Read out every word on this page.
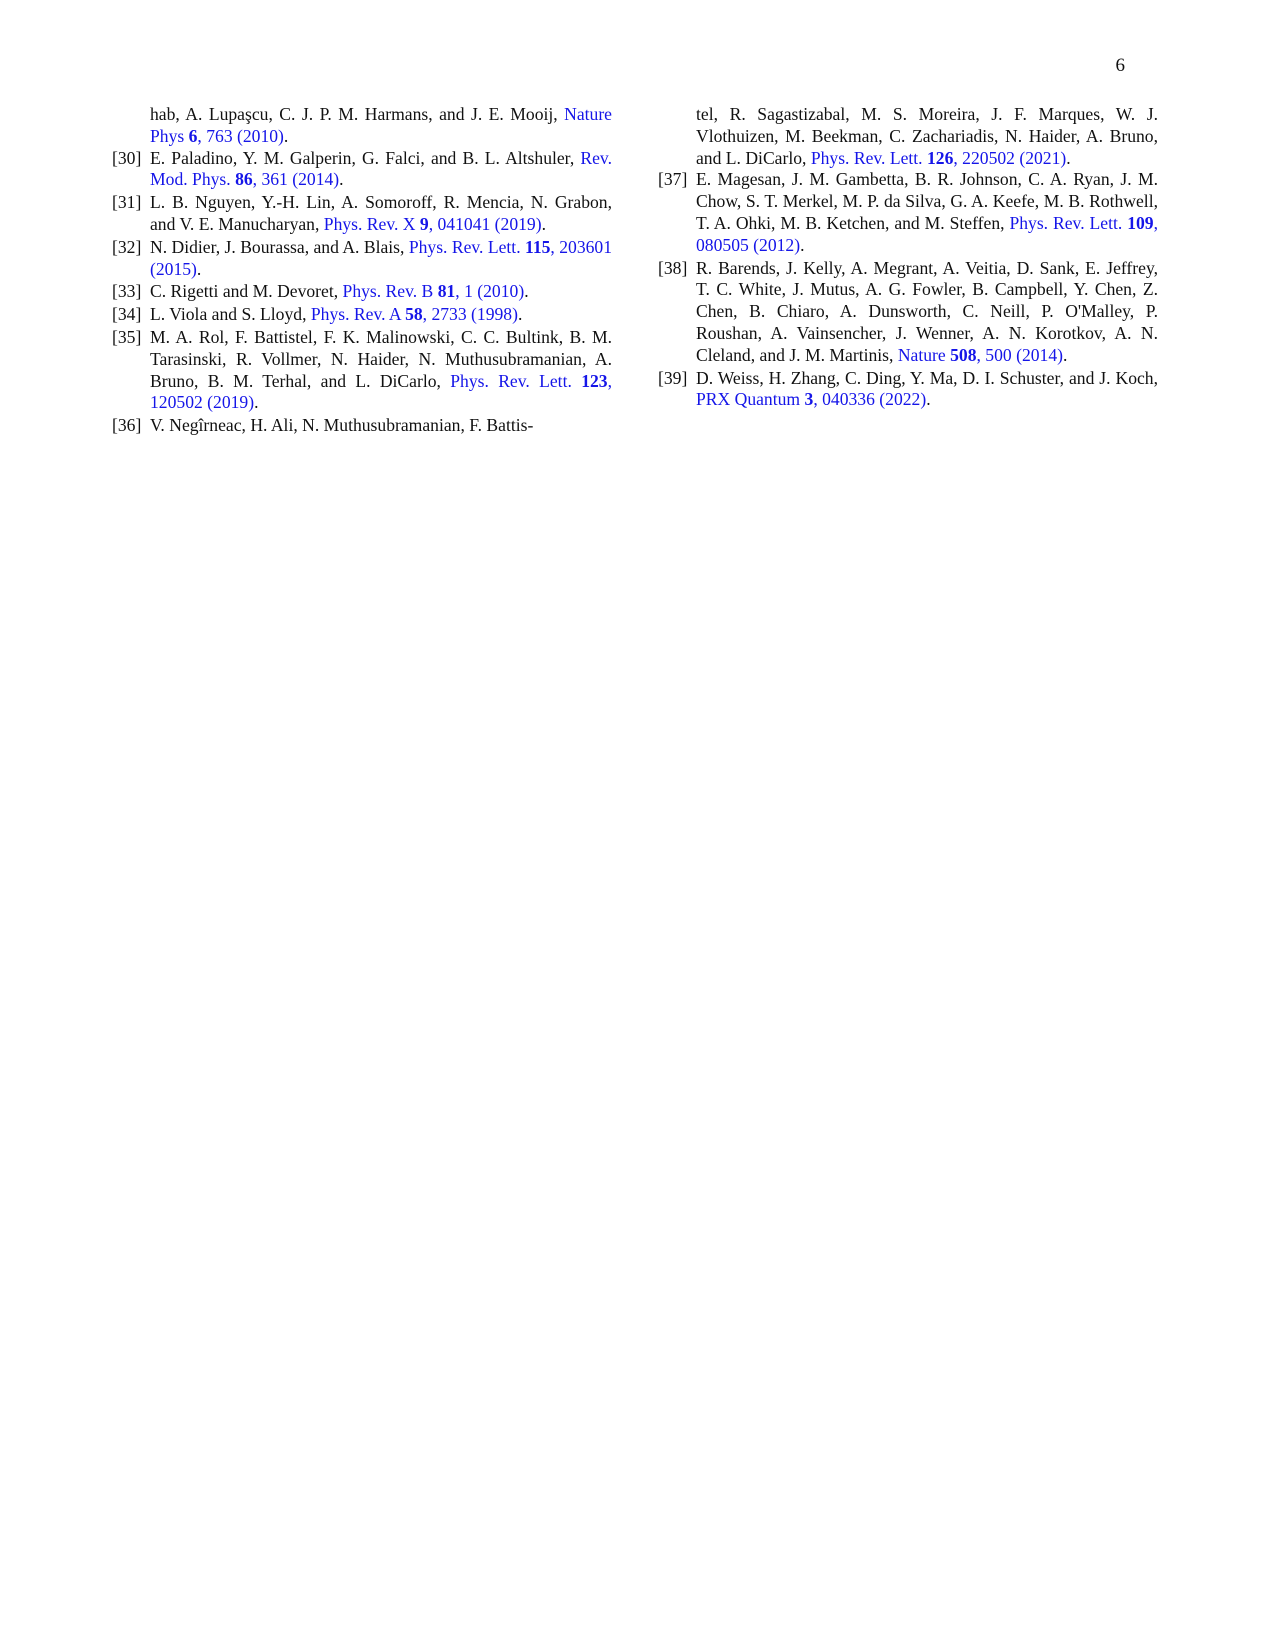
6
hab, A. Lupaşcu, C. J. P. M. Harmans, and J. E. Mooij, Nature Phys 6, 763 (2010).
[30] E. Paladino, Y. M. Galperin, G. Falci, and B. L. Altshuler, Rev. Mod. Phys. 86, 361 (2014).
[31] L. B. Nguyen, Y.-H. Lin, A. Somoroff, R. Mencia, N. Grabon, and V. E. Manucharyan, Phys. Rev. X 9, 041041 (2019).
[32] N. Didier, J. Bourassa, and A. Blais, Phys. Rev. Lett. 115, 203601 (2015).
[33] C. Rigetti and M. Devoret, Phys. Rev. B 81, 1 (2010).
[34] L. Viola and S. Lloyd, Phys. Rev. A 58, 2733 (1998).
[35] M. A. Rol, F. Battistel, F. K. Malinowski, C. C. Bultink, B. M. Tarasinski, R. Vollmer, N. Haider, N. Muthusubramanian, A. Bruno, B. M. Terhal, and L. DiCarlo, Phys. Rev. Lett. 123, 120502 (2019).
[36] V. Negîrneac, H. Ali, N. Muthusubramanian, F. Battis-
tel, R. Sagastizabal, M. S. Moreira, J. F. Marques, W. J. Vlothuizen, M. Beekman, C. Zachariadis, N. Haider, A. Bruno, and L. DiCarlo, Phys. Rev. Lett. 126, 220502 (2021).
[37] E. Magesan, J. M. Gambetta, B. R. Johnson, C. A. Ryan, J. M. Chow, S. T. Merkel, M. P. da Silva, G. A. Keefe, M. B. Rothwell, T. A. Ohki, M. B. Ketchen, and M. Steffen, Phys. Rev. Lett. 109, 080505 (2012).
[38] R. Barends, J. Kelly, A. Megrant, A. Veitia, D. Sank, E. Jeffrey, T. C. White, J. Mutus, A. G. Fowler, B. Campbell, Y. Chen, Z. Chen, B. Chiaro, A. Dunsworth, C. Neill, P. O'Malley, P. Roushan, A. Vainsencher, J. Wenner, A. N. Korotkov, A. N. Cleland, and J. M. Martinis, Nature 508, 500 (2014).
[39] D. Weiss, H. Zhang, C. Ding, Y. Ma, D. I. Schuster, and J. Koch, PRX Quantum 3, 040336 (2022).
